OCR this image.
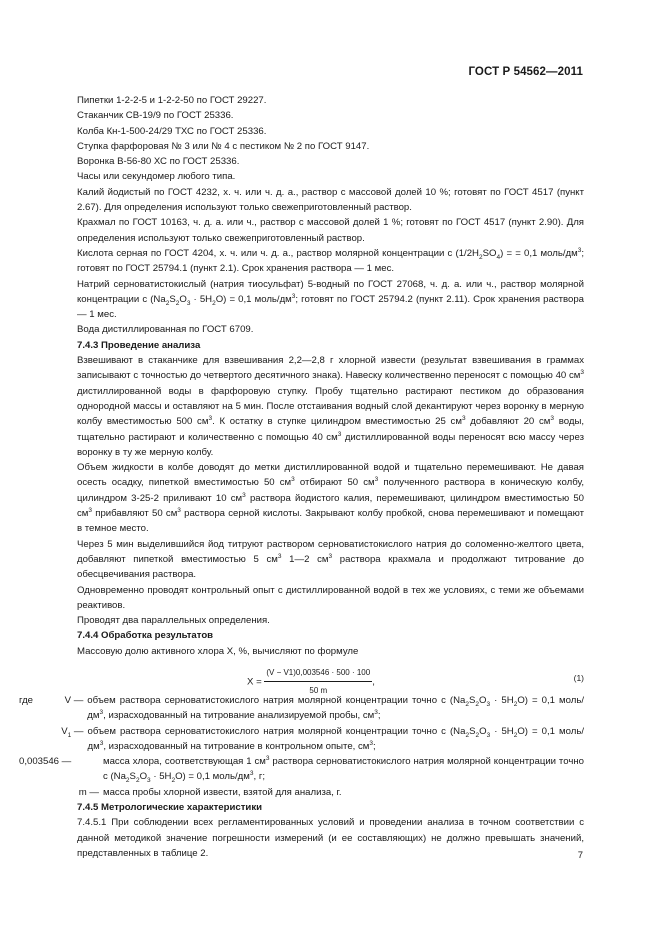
ГОСТ Р 54562—2011

Пипетки 1-2-2-5 и 1-2-2-50 по ГОСТ 29227.

Стаканчик СВ-19/9 по ГОСТ 25336.

Колба Кн-1-500-24/29 ТХС по ГОСТ 25336.

Ступка фарфоровая № 3 или № 4 с пестиком № 2 по ГОСТ 9147.

Воронка В-56-80 ХС по ГОСТ 25336.

Часы или секундомер любого типа.

Калий йодистый по ГОСТ 4232, х. ч. или ч. д. а., раствор с массовой долей 10 %; готовят по ГОСТ 4517 (пункт 2.67). Для определения используют только свежеприготовленный раствор.

Крахмал по ГОСТ 10163, ч. д. а. или ч., раствор с массовой долей 1 %; готовят по ГОСТ 4517 (пункт 2.90). Для определения используют только свежеприготовленный раствор.

Кислота серная по ГОСТ 4204, х. ч. или ч. д. а., раствор молярной концентрации c $(1/2H_2SO_4)$ = = 0,1 моль/$дм^3$; готовят по ГОСТ 25794.1 (пункт 2.1). Срок хранения раствора — 1 мес.

Натрий серноватистокислый (натрия тиосульфат) 5-водный по ГОСТ 27068, ч. д. а. или ч., раствор молярной концентрации c $(Na_2S_2O_3 \cdot 5H_2O) = 0,1$ моль/$дм^3$; готовят по ГОСТ 25794.2 (пункт 2.11). Срок хранения раствора — 1 мес.

Вода дистиллированная по ГОСТ 6709.

7.4.3 Проведение анализа

Взвешивают в стаканчике для взвешивания 2,2—2,8 г хлорной извести (результат взвешивания в граммах записывают с точностью до четвертого десятичного знака). Навеску количественно переносят с помощью 40 $см^3$ дистиллированной воды в фарфоровую ступку. Пробу тщательно растирают пестиком до образования однородной массы и оставляют на 5 мин. После отстаивания водный слой декантируют через воронку в мерную колбу вместимостью 500 $см^3$. К остатку в ступке цилиндром вместимостью 25 $см^3$ добавляют 20 $см^3$ воды, тщательно растирают и количественно с помощью 40 $см^3$ дистиллированной воды переносят всю массу через воронку в ту же мерную колбу.

Объем жидкости в колбе доводят до метки дистиллированной водой и тщательно перемешивают. Не давая осесть осадку, пипеткой вместимостью 50 $см^3$ отбирают 50 $см^3$ полученного раствора в коническую колбу, цилиндром 3-25-2 приливают 10 $см^3$ раствора йодистого калия, перемешивают, цилиндром вместимостью 50 $см^3$ прибавляют 50 $см^3$ раствора серной кислоты. Закрывают колбу пробкой, снова перемешивают и помещают в темное место.

Через 5 мин выделившийся йод титруют раствором серноватистокислого натрия до соломенно-желтого цвета, добавляют пипеткой вместимостью 5 $см^3$ 1—2 $см^3$ раствора крахмала и продолжают титрование до обесцвечивания раствора.

Одновременно проводят контрольный опыт с дистиллированной водой в тех же условиях, с теми же объемами реактивов.

Проводят два параллельных определения.

7.4.4 Обработка результатов

Массовую долю активного хлора X, %, вычисляют по формуле

$X = \frac{(V - V1)0,003546 \cdot 500 \cdot 100}{50 m}$ ,	(1)
где	V — объем раствора серноватистокислого натрия молярной концентрации точно c $(Na_2S_2O_3 \cdot 5H_2O) = 0,1$ моль/$дм^3$, израсходованный на титрование анализируемой пробы, $см^3$;
$V_1$ — объем раствора серноватистокислого натрия молярной концентрации точно c $(Na_2S_2O_3 \cdot 5H_2O) = 0,1$ моль/$дм^3$, израсходованный на титрование в контрольном опыте, $см^3$;
0,003546 —	масса хлора, соответствующая 1 $см^3$ раствора серноватистокислого натрия молярной концентрации точно c $(Na_2S_2O_3 \cdot 5H_2O) = 0,1$ моль/$дм^3$, г;
m — масса пробы хлорной извести, взятой для анализа, г.

7.4.5 Метрологические характеристики

7.4.5.1 При соблюдении всех регламентированных условий и проведении анализа в точном соответствии с данной методикой значение погрешности измерений (и ее составляющих) не должно превышать значений, представленных в таблице 2.	7
